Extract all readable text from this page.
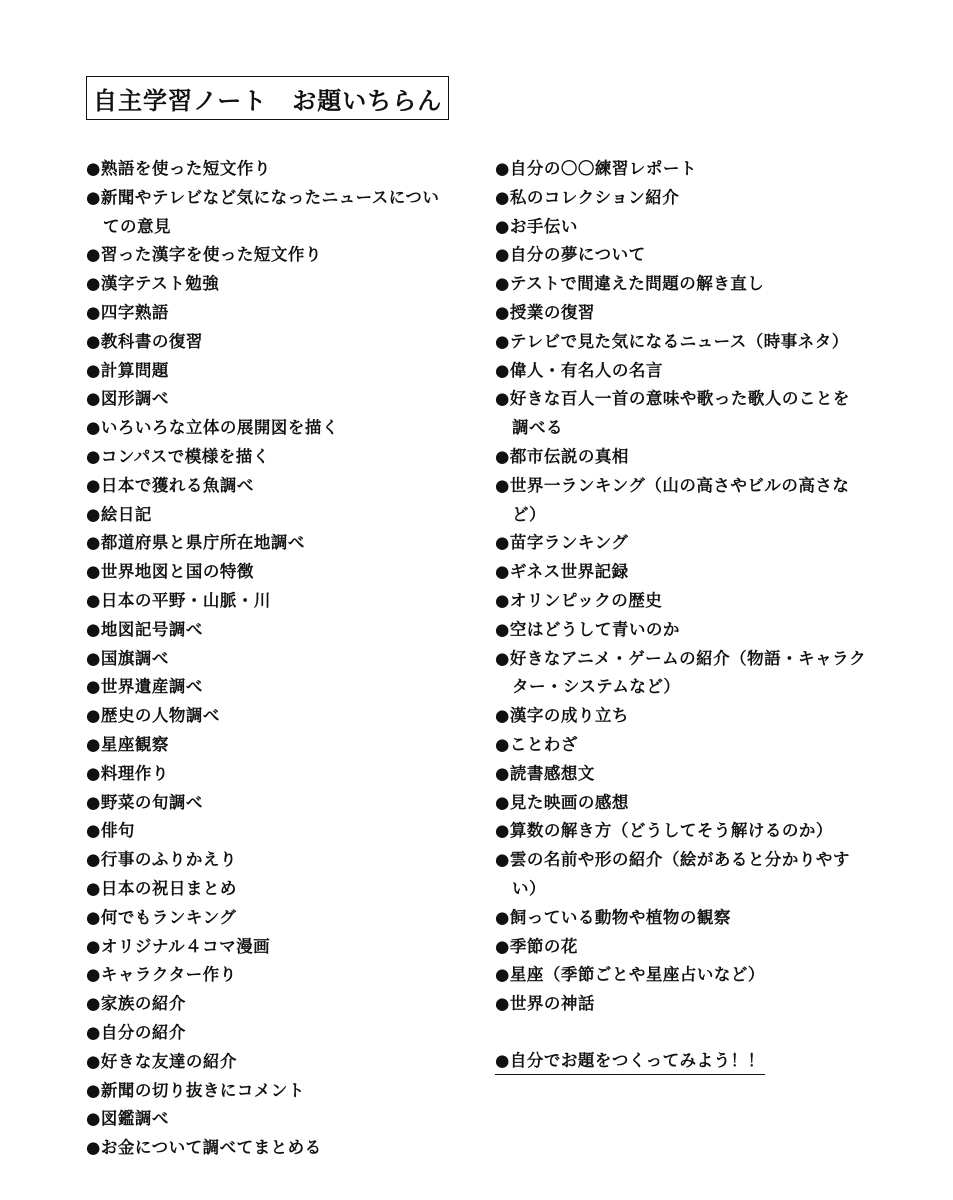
自主学習ノート　お題いちらん
●熟語を使った短文作り
●新聞やテレビなど気になったニュースについ
　ての意見
●習った漢字を使った短文作り
●漢字テスト勉強
●四字熟語
●教科書の復習
●計算問題
●図形調べ
●いろいろな立体の展開図を描く
●コンパスで模様を描く
●日本で獲れる魚調べ
●絵日記
●都道府県と県庁所在地調べ
●世界地図と国の特徴
●日本の平野・山脈・川
●地図記号調べ
●国旗調べ
●世界遺産調べ
●歴史の人物調べ
●星座観察
●料理作り
●野菜の旬調べ
●俳句
●行事のふりかえり
●日本の祝日まとめ
●何でもランキング
●オリジナル４コマ漫画
●キャラクター作り
●家族の紹介
●自分の紹介
●好きな友達の紹介
●新聞の切り抜きにコメント
●図鑑調べ
●お金について調べてまとめる
●自分の〇〇練習レポート
●私のコレクション紹介
●お手伝い
●自分の夢について
●テストで間違えた問題の解き直し
●授業の復習
●テレビで見た気になるニュース（時事ネタ）
●偉人・有名人の名言
●好きな百人一首の意味や歌った歌人のことを
　調べる
●都市伝説の真相
●世界一ランキング（山の高さやビルの高さな
　ど）
●苗字ランキング
●ギネス世界記録
●オリンピックの歴史
●空はどうして青いのか
●好きなアニメ・ゲームの紹介（物語・キャラク
　ター・システムなど）
●漢字の成り立ち
●ことわざ
●読書感想文
●見た映画の感想
●算数の解き方（どうしてそう解けるのか）
●雲の名前や形の紹介（絵があると分かりやす
　い）
●飼っている動物や植物の観察
●季節の花
●星座（季節ごとや星座占いなど）
●世界の神話
●自分でお題をつくってみよう！！
